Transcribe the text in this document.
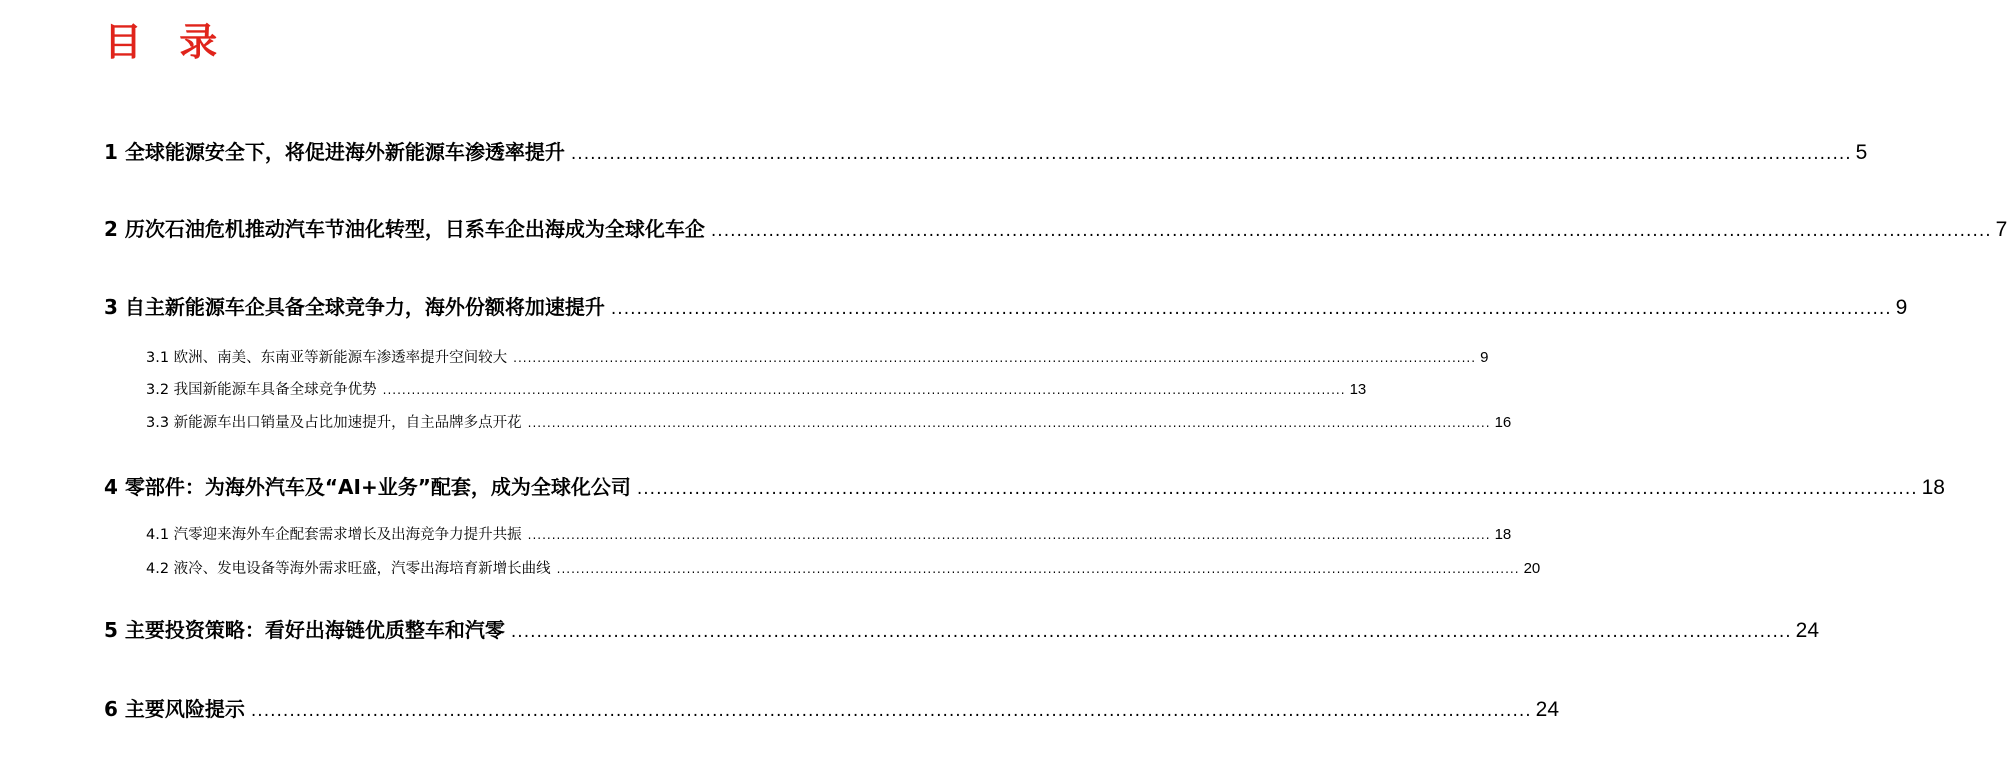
目 录
1 全球能源安全下，将促进海外新能源车渗透率提升 ........................................................................................................................................................................................................ 5
2 历次石油危机推动汽车节油化转型，日系车企出海成为全球化车企 ........................................................................................................................................................................................................ 7
3 自主新能源车企具备全球竞争力，海外份额将加速提升 ........................................................................................................................................................................................................ 9
3.1 欧洲、南美、东南亚等新能源车渗透率提升空间较大 ........................................................................................................................................................................................................ 9
3.2 我国新能源车具备全球竞争优势 ........................................................................................................................................................................................................ 13
3.3 新能源车出口销量及占比加速提升，自主品牌多点开花 ........................................................................................................................................................................................................ 16
4 零部件：为海外汽车及“AI+业务”配套，成为全球化公司 ........................................................................................................................................................................................................ 18
4.1 汽零迎来海外车企配套需求增长及出海竞争力提升共振 ........................................................................................................................................................................................................ 18
4.2 液冷、发电设备等海外需求旺盛，汽零出海培育新增长曲线 ........................................................................................................................................................................................................ 20
5 主要投资策略：看好出海链优质整车和汽零 ........................................................................................................................................................................................................ 24
6 主要风险提示 ........................................................................................................................................................................................................ 24
